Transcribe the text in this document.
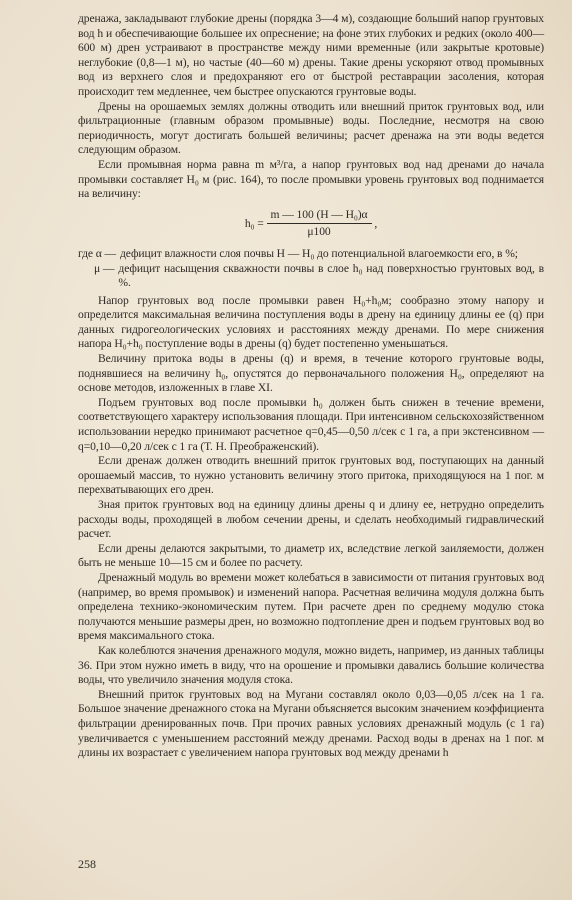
дренажа, закладывают глубокие дрены (порядка 3—4 м), создающие больший напор грунтовых вод h и обеспечивающие большее их опреснение; на фоне этих глубоких и редких (около 400—600 м) дрен устраивают в пространстве между ними временные (или закрытые кротовые) неглубокие (0,8—1 м), но частые (40—60 м) дрены. Такие дрены ускоряют отвод промывных вод из верхнего слоя и предохраняют его от быстрой реставрации засоления, которая происходит тем медленнее, чем быстрее опускаются грунтовые воды.

Дрены на орошаемых землях должны отводить или внешний приток грунтовых вод, или фильтрационные (главным образом промывные) воды. Последние, несмотря на свою периодичность, могут достигать большей величины; расчет дренажа на эти воды ведется следующим образом.

Если промывная норма равна m м³/га, а напор грунтовых вод над дренами до начала промывки составляет H₀ м (рис. 164), то после промывки уровень грунтовых вод поднимается на величину:

$h_0 = \frac{\text{m — 100 (H — H₀)α}}{\mu 100}$ ,
где α — дефицит влажности слоя почвы H — H₀ до потенциальной влагоемкости его, в %;
μ — дефицит насыщения скважности почвы в слое h₀ над поверхностью грунтовых вод, в %.

Напор грунтовых вод после промывки равен H₀+h₀м; сообразно этому напору и определится максимальная величина поступления воды в дрену на единицу длины ее (q) при данных гидрогеологических условиях и расстояниях между дренами. По мере снижения напора H₀+h₀ поступление воды в дрены (q) будет постепенно уменьшаться.

Величину притока воды в дрены (q) и время, в течение которого грунтовые воды, поднявшиеся на величину h₀, опустятся до первоначального положения H₀, определяют на основе методов, изложенных в главе XI.

Подъем грунтовых вод после промывки h₀ должен быть снижен в течение времени, соответствующего характеру использования площади. При интенсивном сельскохозяйственном использовании нередко принимают расчетное q=0,45—0,50 л/сек с 1 га, а при экстенсивном — q=0,10—0,20 л/сек с 1 га (Т. Н. Преображенский).

Если дренаж должен отводить внешний приток грунтовых вод, поступающих на данный орошаемый массив, то нужно установить величину этого притока, приходящуюся на 1 пог. м перехватывающих его дрен.

Зная приток грунтовых вод на единицу длины дрены q и длину ее, нетрудно определить расходы воды, проходящей в любом сечении дрены, и сделать необходимый гидравлический расчет.

Если дрены делаются закрытыми, то диаметр их, вследствие легкой заиляемости, должен быть не меньше 10—15 см и более по расчету.

Дренажный модуль во времени может колебаться в зависимости от питания грунтовых вод (например, во время промывок) и изменений напора. Расчетная величина модуля должна быть определена технико-экономическим путем. При расчете дрен по среднему модулю стока получаются меньшие размеры дрен, но возможно подтопление дрен и подъем грунтовых вод во время максимального стока.

Как колеблются значения дренажного модуля, можно видеть, например, из данных таблицы 36. При этом нужно иметь в виду, что на орошение и промывки давались большие количества воды, что увеличило значения модуля стока.

Внешний приток грунтовых вод на Мугани составлял около 0,03—0,05 л/сек на 1 га. Большое значение дренажного стока на Мугани объясняется высоким значением коэффициента фильтрации дренированных почв. При прочих равных условиях дренажный модуль (с 1 га) увеличивается с уменьшением расстояний между дренами. Расход воды в дренах на 1 пог. м длины их возрастает с увеличением напора грунтовых вод между дренами h

258
